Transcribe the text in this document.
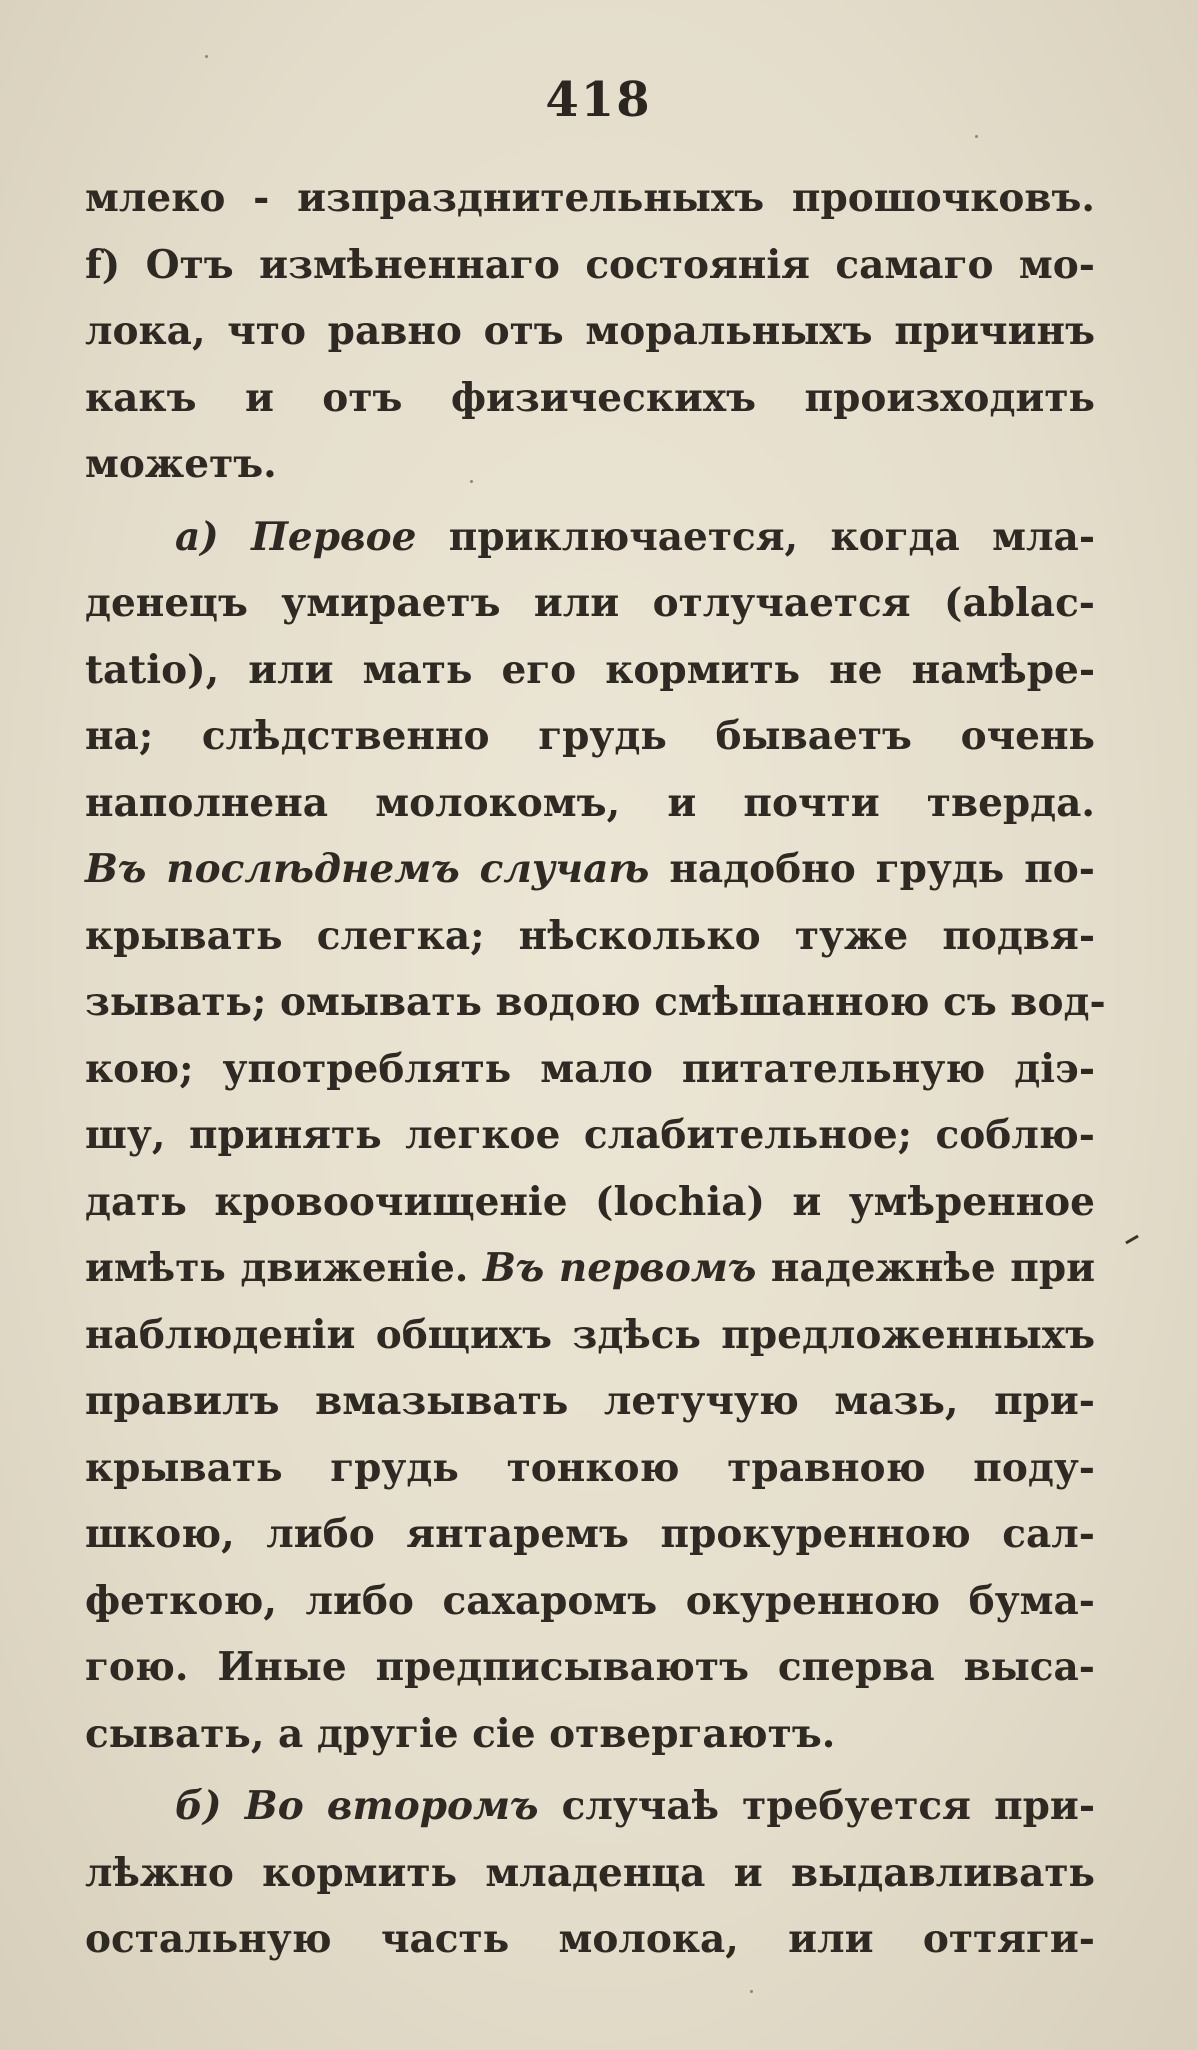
418
млеко - изпразднительныхъ прошочковъ.
f) Отъ измѣненнаго состоянія самаго мо-
лока, что равно отъ моральныхъ причинъ
какъ и отъ физическихъ произходить
можетъ.
а) Первое приключается, когда мла-
денецъ умираетъ или отлучается (ablac-
tatio), или мать его кормить не намѣре-
на; слѣдственно грудь бываетъ очень
наполнена молокомъ, и почти тверда.
Въ послѣднемъ случаѣ надобно грудь по-
крывать слегка; нѣсколько туже подвя-
зывать; омывать водою смѣшанною съ вод-
кою; употреблять мало питательную діэ-
шу, принять легкое слабительное; соблю-
дать кровоочищеніе (lochia) и умѣренное
имѣть движеніе. Въ первомъ надежнѣе при
наблюденіи общихъ здѣсь предложенныхъ
правилъ вмазывать летучую мазь, при-
крывать грудь тонкою травною поду-
шкою, либо янтаремъ прокуренною сал-
феткою, либо сахаромъ окуренною бума-
гою. Иные предписываютъ сперва выса-
сывать, а другіе сіе отвергаютъ.
б) Во второмъ случаѣ требуется при-
лѣжно кормить младенца и выдавливать
остальную часть молока, или оттяги-
